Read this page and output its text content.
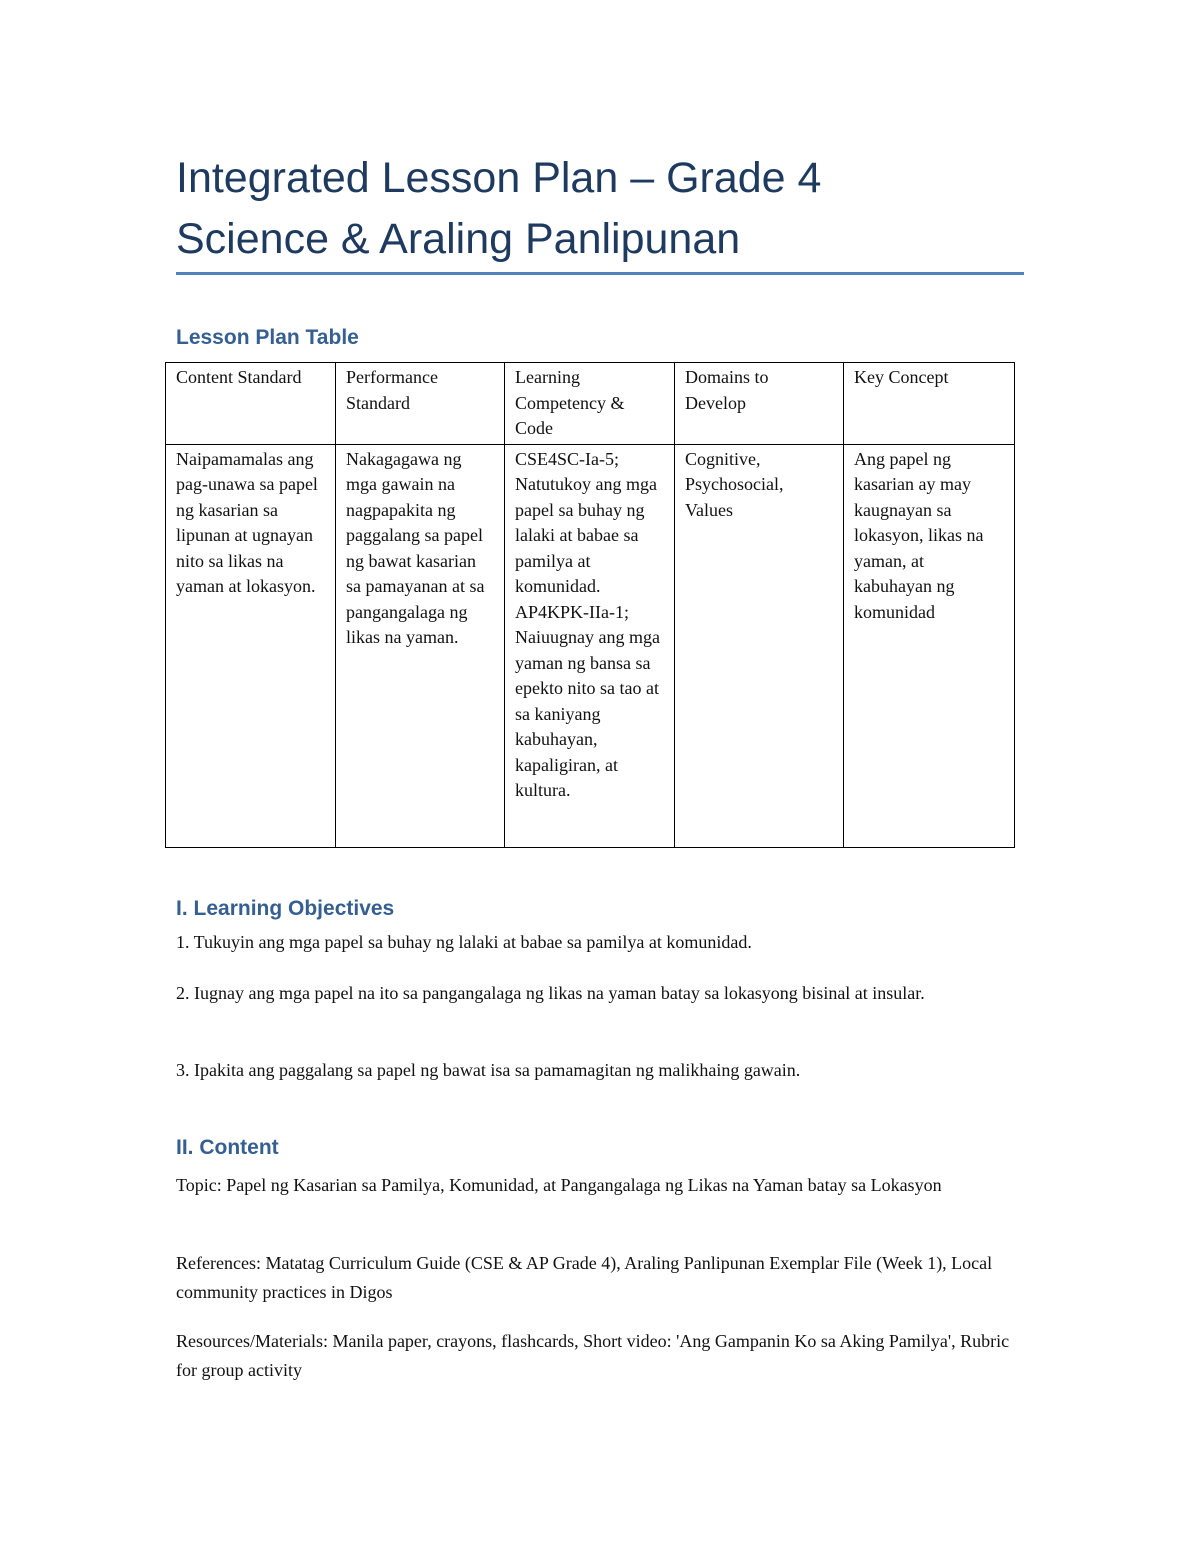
Integrated Lesson Plan – Grade 4
Science & Araling Panlipunan
Lesson Plan Table
Content Standard	Performance Standard	Learning Competency & Code	Domains to Develop	Key Concept
Naipamamalas ang pag-unawa sa papel ng kasarian sa lipunan at ugnayan nito sa likas na yaman at lokasyon.	Nakagagawa ng mga gawain na nagpapakita ng paggalang sa papel ng bawat kasarian sa pamayanan at sa pangangalaga ng likas na yaman.	CSE4SC-Ia-5; Natutukoy ang mga papel sa buhay ng lalaki at babae sa pamilya at komunidad. AP4KPK-IIa-1; Naiuugnay ang mga yaman ng bansa sa epekto nito sa tao at sa kaniyang kabuhayan, kapaligiran, at kultura.	Cognitive, Psychosocial, Values	Ang papel ng kasarian ay may kaugnayan sa lokasyon, likas na yaman, at kabuhayan ng komunidad
I. Learning Objectives

1. Tukuyin ang mga papel sa buhay ng lalaki at babae sa pamilya at komunidad.

2. Iugnay ang mga papel na ito sa pangangalaga ng likas na yaman batay sa lokasyong bisinal at insular.

3. Ipakita ang paggalang sa papel ng bawat isa sa pamamagitan ng malikhaing gawain.

II. Content

Topic: Papel ng Kasarian sa Pamilya, Komunidad, at Pangangalaga ng Likas na Yaman batay sa Lokasyon

References: Matatag Curriculum Guide (CSE & AP Grade 4), Araling Panlipunan Exemplar File (Week 1), Local community practices in Digos

Resources/Materials: Manila paper, crayons, flashcards, Short video: 'Ang Gampanin Ko sa Aking Pamilya', Rubric for group activity
